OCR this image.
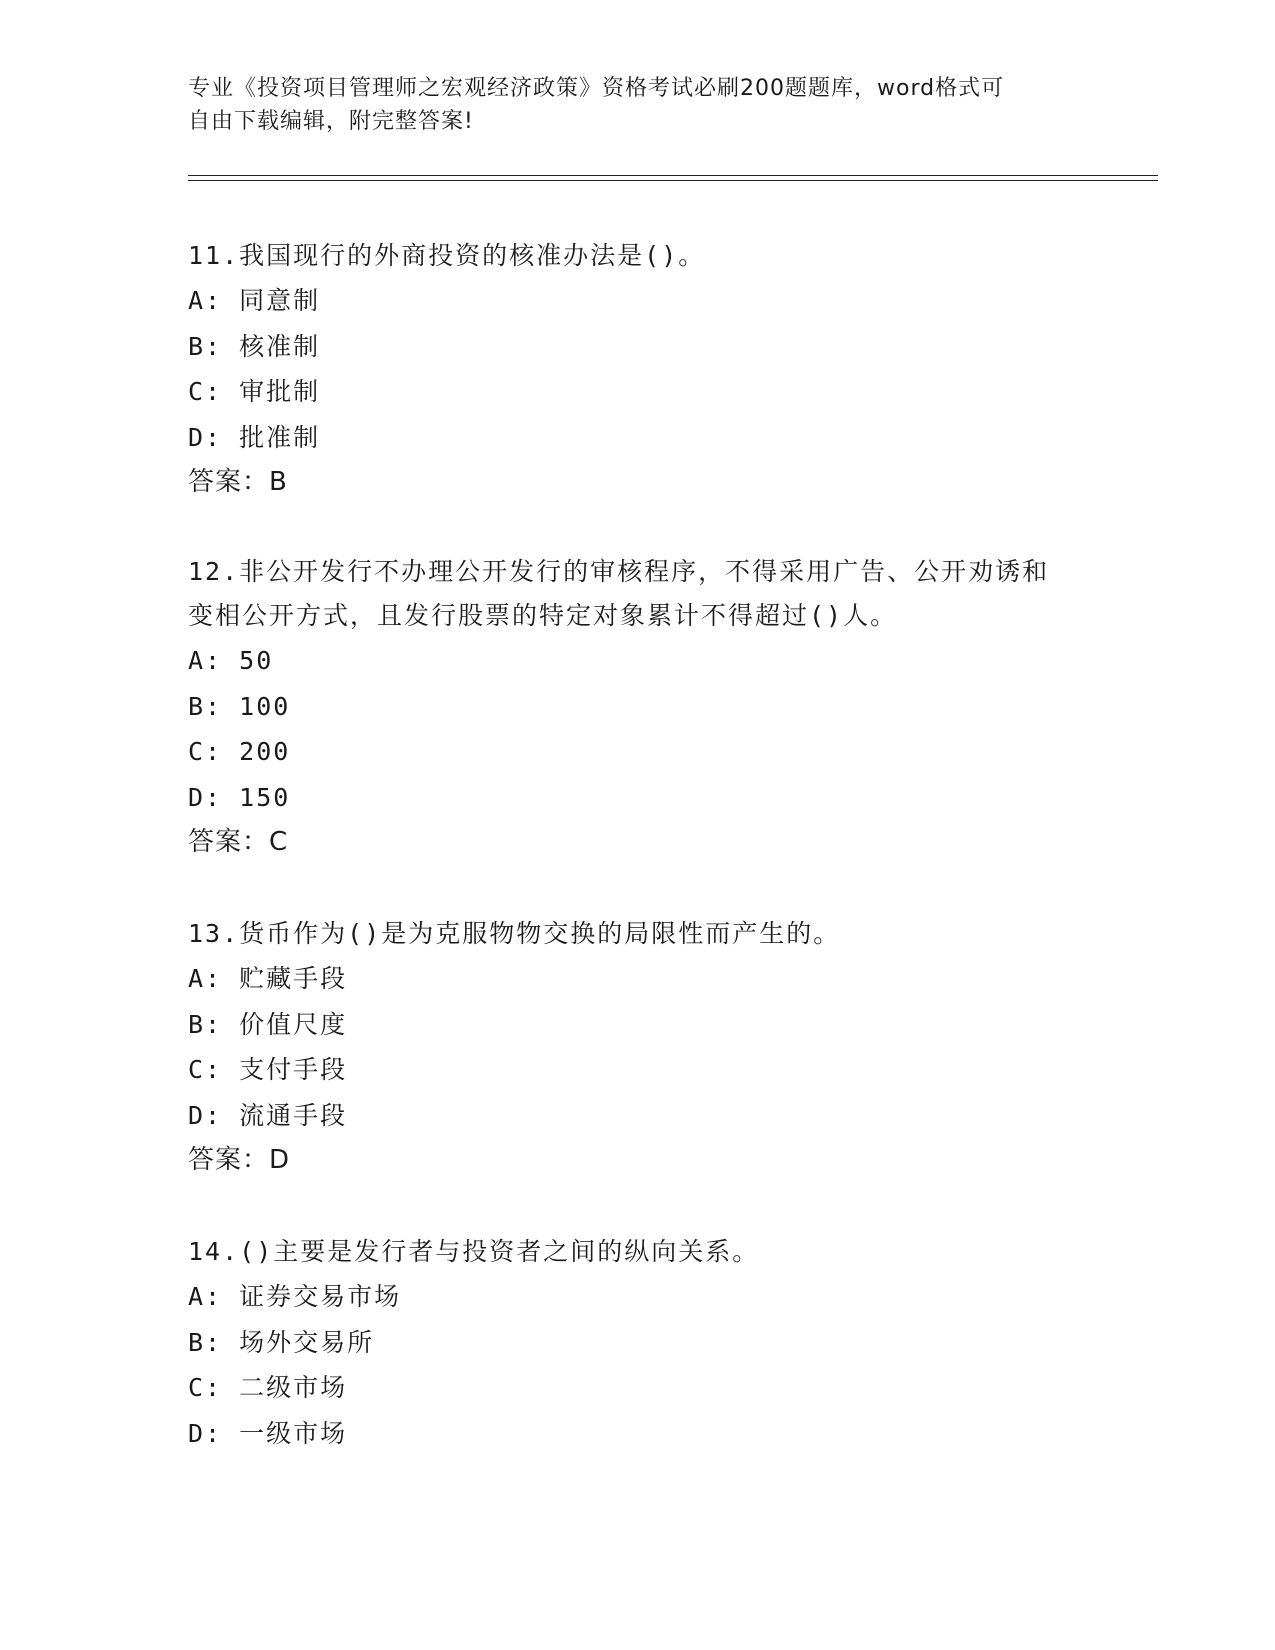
专业《投资项目管理师之宏观经济政策》资格考试必刷200题题库，word格式可
自由下载编辑，附完整答案!
11.我国现行的外商投资的核准办法是()。
A: 同意制
B: 核准制
C: 审批制
D: 批准制
答案：B
12.非公开发行不办理公开发行的审核程序，不得采用广告、公开劝诱和变相公开方式，且发行股票的特定对象累计不得超过()人。
A: 50
B: 100
C: 200
D: 150
答案：C
13.货币作为()是为克服物物交换的局限性而产生的。
A: 贮藏手段
B: 价值尺度
C: 支付手段
D: 流通手段
答案：D
14.()主要是发行者与投资者之间的纵向关系。
A: 证券交易市场
B: 场外交易所
C: 二级市场
D: 一级市场
